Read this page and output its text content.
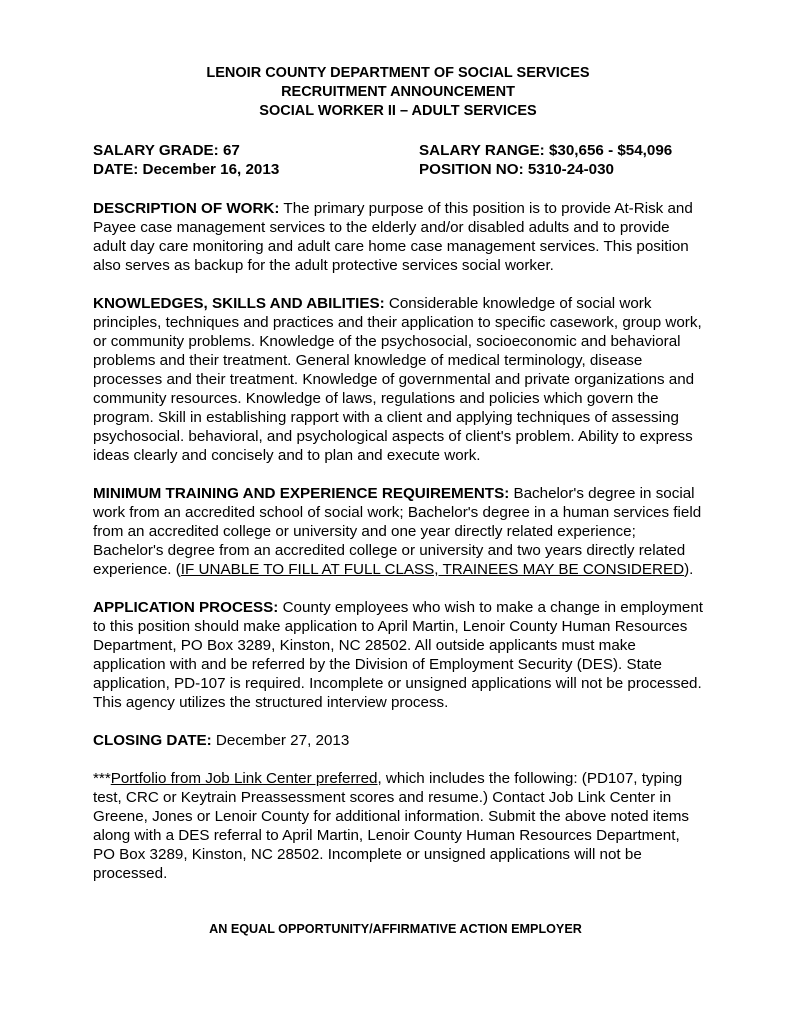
LENOIR COUNTY DEPARTMENT OF SOCIAL SERVICES
RECRUITMENT ANNOUNCEMENT
SOCIAL WORKER II – ADULT SERVICES
SALARY GRADE: 67	SALARY RANGE: $30,656 - $54,096
DATE: December 16, 2013	POSITION NO: 5310-24-030
DESCRIPTION OF WORK: The primary purpose of this position is to provide At-Risk and Payee case management services to the elderly and/or disabled adults and to provide adult day care monitoring and adult care home case management services. This position also serves as backup for the adult protective services social worker.
KNOWLEDGES, SKILLS AND ABILITIES: Considerable knowledge of social work principles, techniques and practices and their application to specific casework, group work, or community problems. Knowledge of the psychosocial, socioeconomic and behavioral problems and their treatment. General knowledge of medical terminology, disease processes and their treatment. Knowledge of governmental and private organizations and community resources. Knowledge of laws, regulations and policies which govern the program. Skill in establishing rapport with a client and applying techniques of assessing psychosocial. behavioral, and psychological aspects of client's problem. Ability to express ideas clearly and concisely and to plan and execute work.
MINIMUM TRAINING AND EXPERIENCE REQUIREMENTS: Bachelor's degree in social work from an accredited school of social work; Bachelor's degree in a human services field from an accredited college or university and one year directly related experience; Bachelor's degree from an accredited college or university and two years directly related experience. (IF UNABLE TO FILL AT FULL CLASS, TRAINEES MAY BE CONSIDERED).
APPLICATION PROCESS: County employees who wish to make a change in employment to this position should make application to April Martin, Lenoir County Human Resources Department, PO Box 3289, Kinston, NC 28502. All outside applicants must make application with and be referred by the Division of Employment Security (DES). State application, PD-107 is required. Incomplete or unsigned applications will not be processed. This agency utilizes the structured interview process.
CLOSING DATE: December 27, 2013
***Portfolio from Job Link Center preferred, which includes the following: (PD107, typing test, CRC or Keytrain Preassessment scores and resume.) Contact Job Link Center in Greene, Jones or Lenoir County for additional information. Submit the above noted items along with a DES referral to April Martin, Lenoir County Human Resources Department, PO Box 3289, Kinston, NC 28502. Incomplete or unsigned applications will not be processed.
AN EQUAL OPPORTUNITY/AFFIRMATIVE ACTION EMPLOYER
